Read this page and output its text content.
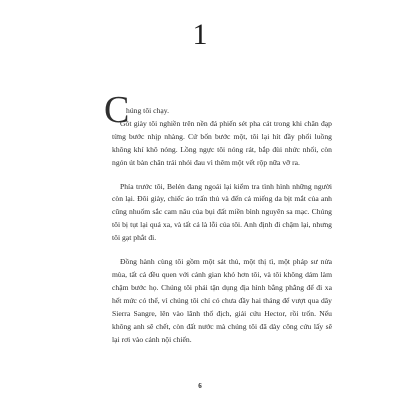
1

C
húng tôi chạy.

Gót giày tôi nghiền trên nền đá phiến sét pha cát trong khi chân đạp từng bước nhịp nhàng. Cứ bốn bước một, tôi lại hít đầy phổi luồng không khí khô nóng. Lồng ngực tôi nóng rát, bắp đùi nhức nhối, còn ngón út bàn chân trái nhói đau vì thêm một vết rộp nữa vỡ ra.

Phía trước tôi, Belén đang ngoái lại kiểm tra tình hình những người còn lại. Đôi giày, chiếc áo trấn thủ và đến cả miếng da bịt mắt của anh cũng nhuốm sắc cam nâu của bụi đất miền bình nguyên sa mạc. Chúng tôi bị tụt lại quá xa, và tất cả là lỗi của tôi. Anh định đi chậm lại, nhưng tôi gạt phắt đi.

Đồng hành cùng tôi gồm một sát thủ, một thị tì, một pháp sư nửa mùa, tất cả đều quen với cảnh gian khó hơn tôi, và tôi không dám làm chậm bước họ. Chúng tôi phải tận dụng địa hình bằng phẳng để đi xa hết mức có thể, vì chúng tôi chỉ có chưa đầy hai tháng để vượt qua dãy Sierra Sangre, lên vào lãnh thổ địch, giải cứu Hector, rồi trốn. Nếu không anh sẽ chết, còn đất nước mà chúng tôi đã dày công cứu lấy sẽ lại rơi vào cảnh nội chiến.

6
